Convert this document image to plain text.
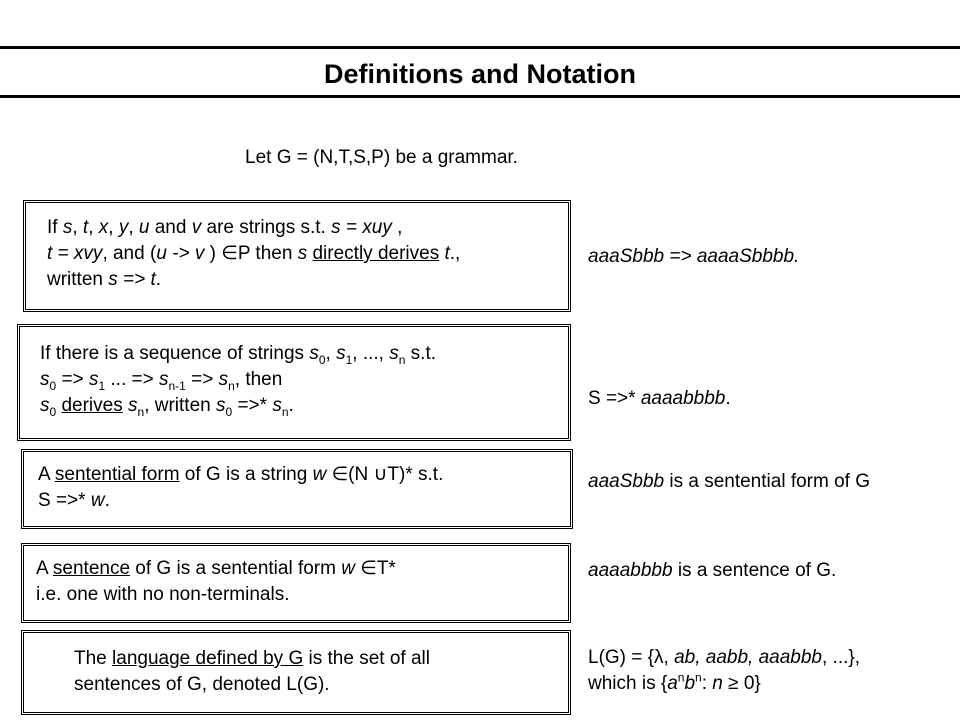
Definitions and Notation
Let G = (N,T,S,P) be a grammar.
If s, t, x, y, u and v are strings s.t. s = xuy ,
t = xvy, and (u -> v ) ∈P then s directly derives t.,
written s => t.
If there is a sequence of strings $s_0$, $s_1$, ..., $s_n$ s.t.
$s_0 => s_1$ ... => $s_{n-1} => s_n$, then
$s_0$ derives $s_n$, written $s_0$ =>* $s_n$.
A sentential form of G is a string w ∈(N ∪T)* s.t.
S =>* w.
A sentence of G is a sentential form w ∈T*
i.e. one with no non-terminals.
The language defined by G is the set of all
sentences of G, denoted L(G).
aaaSbbb => aaaaSbbbb.
S =>* aaaabbbb.
aaaSbbb is a sentential form of G
aaaabbbb is a sentence of G.
L(G) = {λ, ab, aabb, aaabbb, ...},
which is {$a^nb^n$: n ≥ 0}
